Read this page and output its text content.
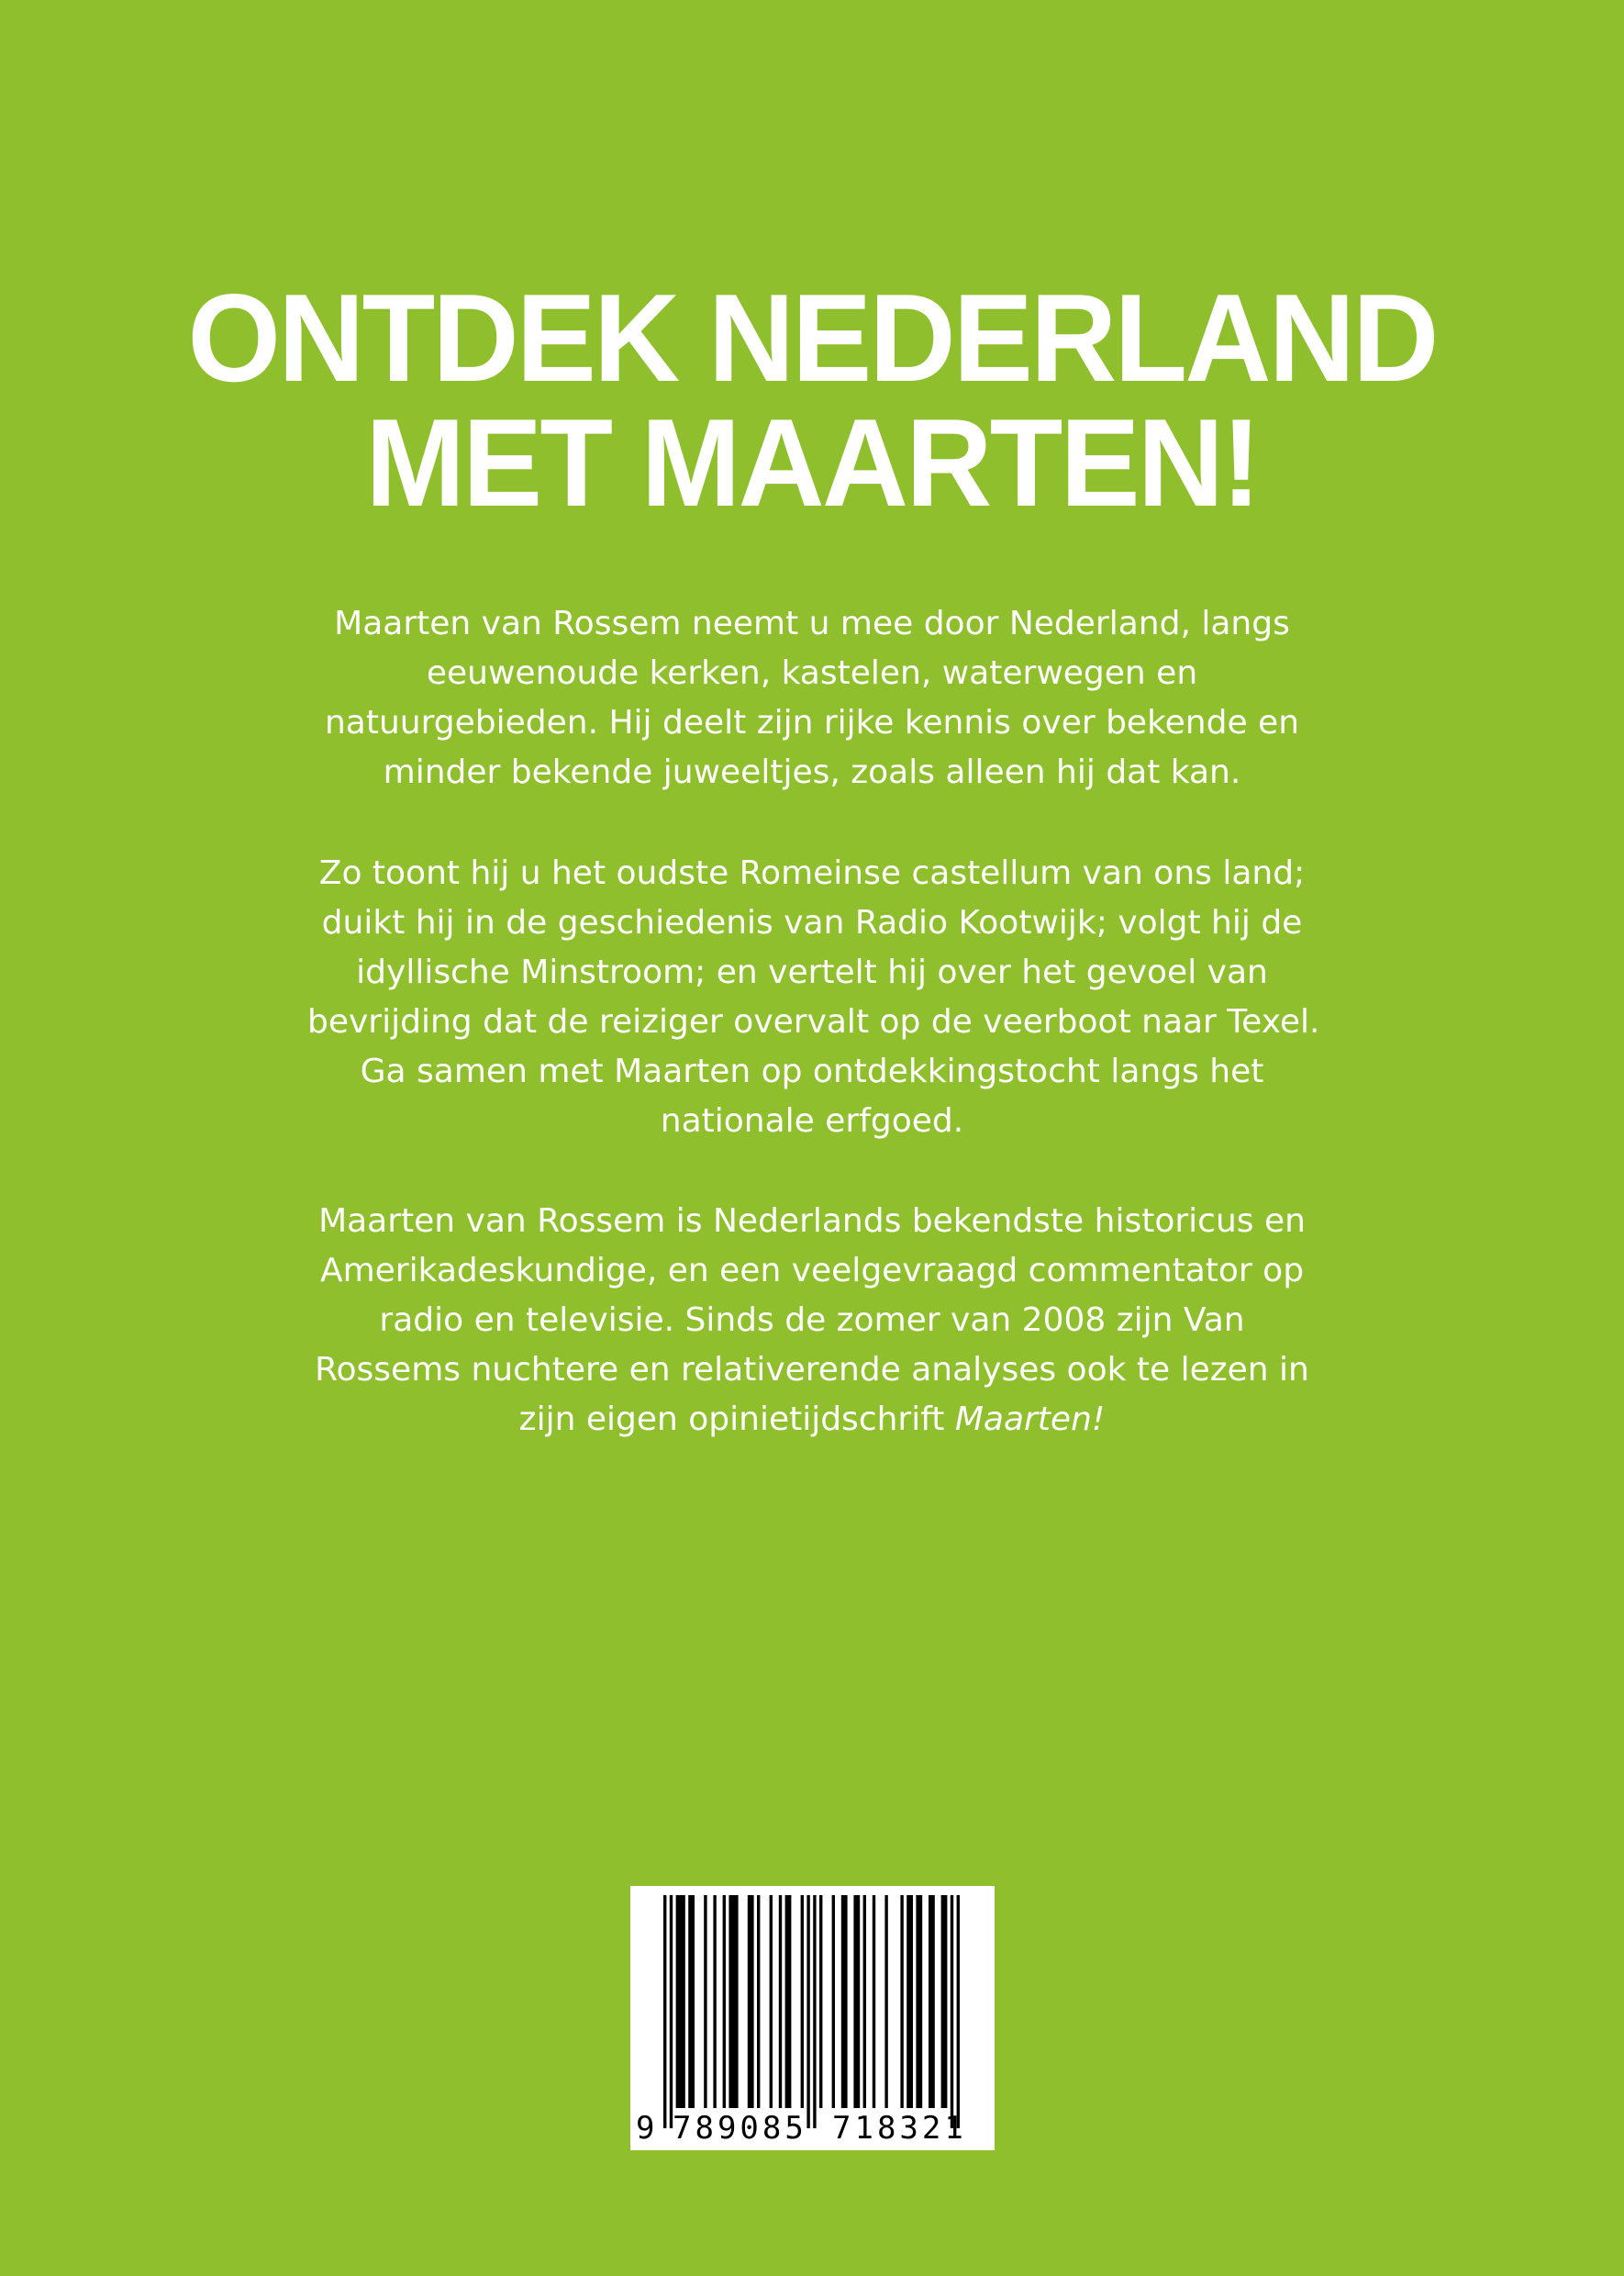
ONTDEK NEDERLAND
MET MAARTEN!
Maarten van Rossem neemt u mee door Nederland, langs
eeuwenoude kerken, kastelen, waterwegen en
natuurgebieden. Hij deelt zijn rijke kennis over bekende en
minder bekende juweeltjes, zoals alleen hij dat kan.
Zo toont hij u het oudste Romeinse castellum van ons land;
duikt hij in de geschiedenis van Radio Kootwijk; volgt hij de
idyllische Minstroom; en vertelt hij over het gevoel van
bevrijding dat de reiziger overvalt op de veerboot naar Texel.
Ga samen met Maarten op ontdekkingstocht langs het
nationale erfgoed.
Maarten van Rossem is Nederlands bekendste historicus en
Amerikadeskundige, en een veelgevraagd commentator op
radio en televisie. Sinds de zomer van 2008 zijn Van
Rossems nuchtere en relativerende analyses ook te lezen in
zijn eigen opinietijdschrift Maarten!
9 789085 718321
